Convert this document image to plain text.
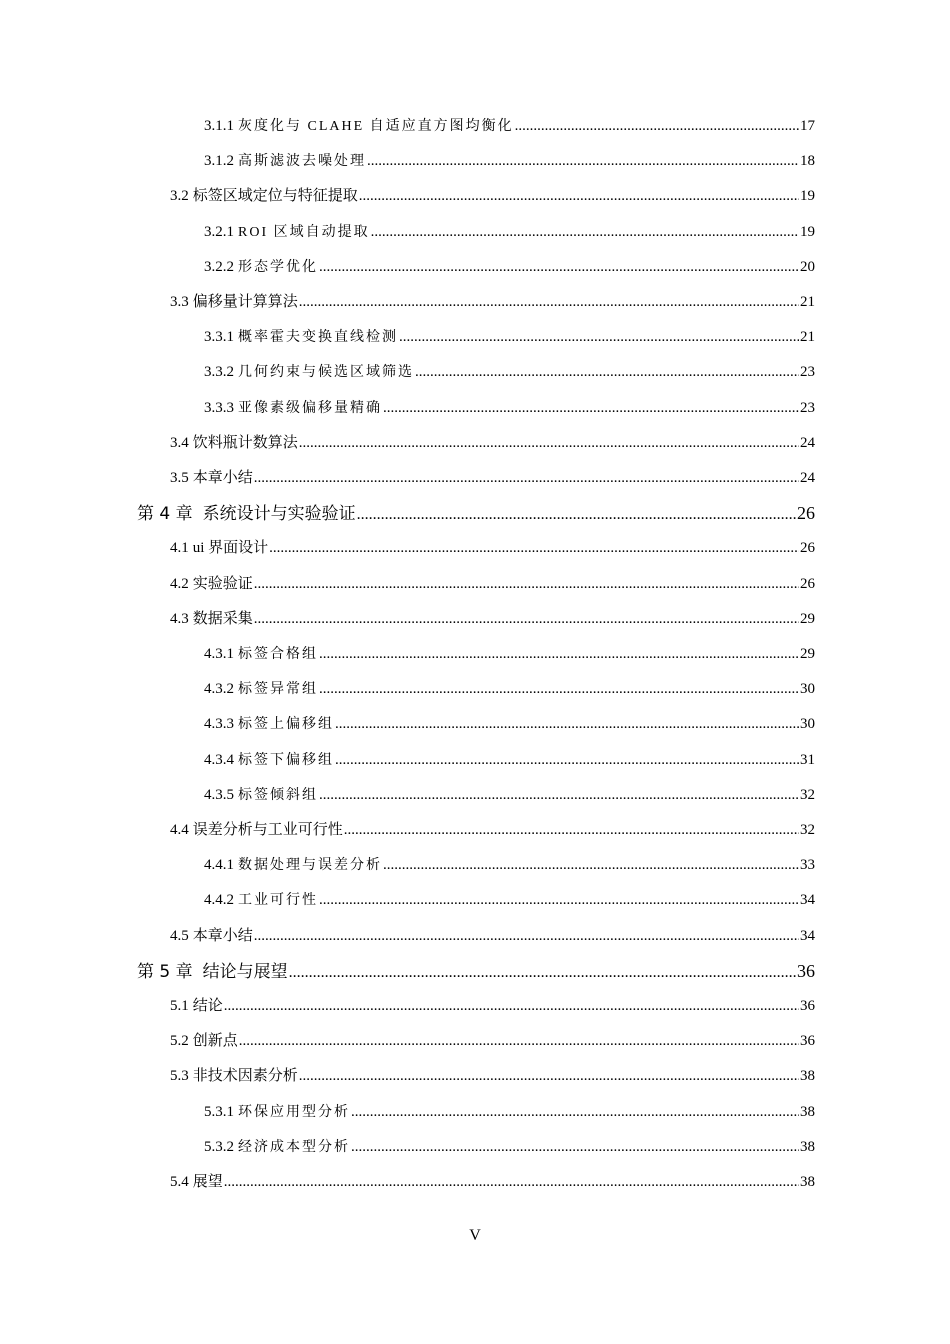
3.1.1 灰度化与 CLAHE 自适应直方图均衡化 .....	17
3.1.2 高斯滤波去噪处理 .....	18
3.2 标签区域定位与特征提取 .....	19
3.2.1 ROI 区域自动提取 .....	19
3.2.2 形态学优化 .....	20
3.3 偏移量计算算法 .....	21
3.3.1 概率霍夫变换直线检测 .....	21
3.3.2 几何约束与候选区域筛选 .....	23
3.3.3 亚像素级偏移量精确 .....	23
3.4 饮料瓶计数算法 .....	24
3.5 本章小结 .....	24
第 4 章 系统设计与实验验证 .....	26
4.1 ui 界面设计 .....	26
4.2 实验验证 .....	26
4.3 数据采集 .....	29
4.3.1 标签合格组 .....	29
4.3.2 标签异常组 .....	30
4.3.3 标签上偏移组 .....	30
4.3.4 标签下偏移组 .....	31
4.3.5 标签倾斜组 .....	32
4.4 误差分析与工业可行性 .....	32
4.4.1 数据处理与误差分析 .....	33
4.4.2 工业可行性 .....	34
4.5 本章小结 .....	34
第 5 章 结论与展望 .....	36
5.1 结论 .....	36
5.2 创新点 .....	36
5.3 非技术因素分析 .....	38
5.3.1 环保应用型分析 .....	38
5.3.2 经济成本型分析 .....	38
5.4 展望 .....	38
V
